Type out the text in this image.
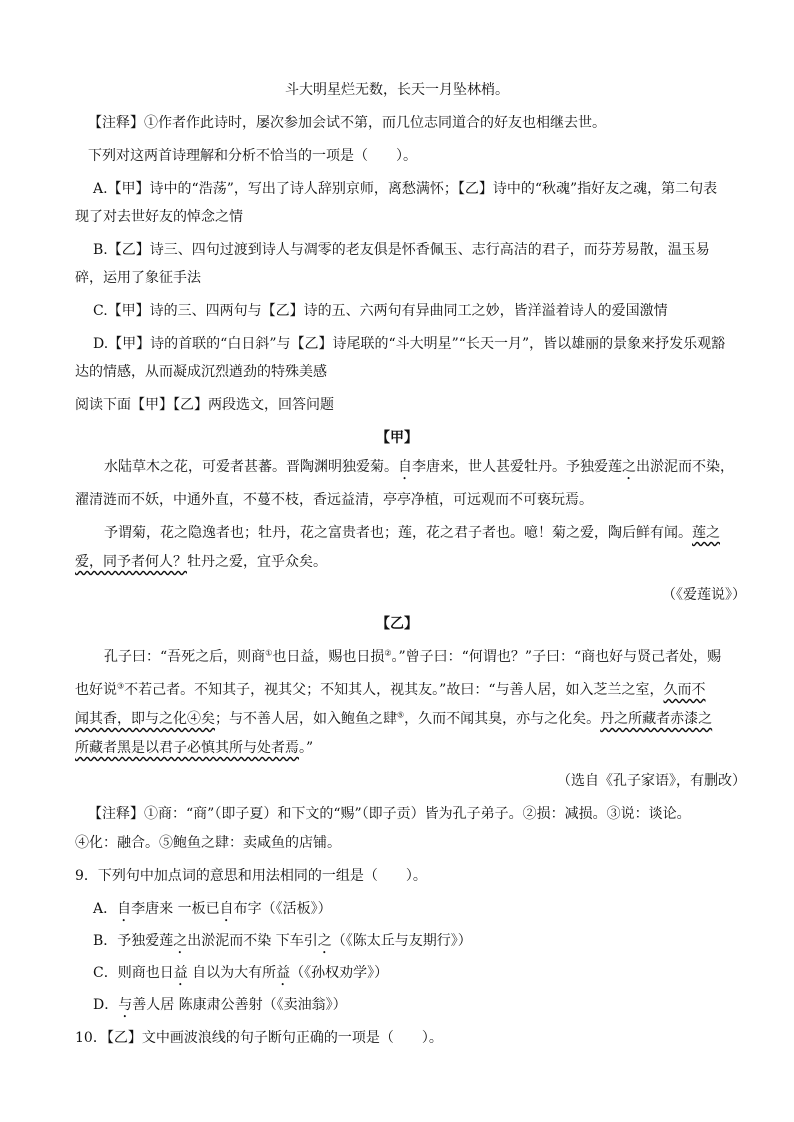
斗大明星烂无数，长天一月坠林梢。
【注释】①作者作此诗时，屡次参加会试不第，而几位志同道合的好友也相继去世。
下列对这两首诗理解和分析不恰当的一项是（　　）。
A.【甲】诗中的“浩荡”，写出了诗人辞别京师，离愁满怀；【乙】诗中的“秋魂”指好友之魂，第二句表
现了对去世好友的悼念之情
B.【乙】诗三、四句过渡到诗人与凋零的老友俱是怀香佩玉、志行高洁的君子，而芬芳易散，温玉易
碎，运用了象征手法
C.【甲】诗的三、四两句与【乙】诗的五、六两句有异曲同工之妙，皆洋溢着诗人的爱国激情
D.【甲】诗的首联的“白日斜”与【乙】诗尾联的“斗大明星”“长天一月”，皆以雄丽的景象来抒发乐观豁
达的情感，从而凝成沉烈遒劲的特殊美感
阅读下面【甲】【乙】两段选文，回答问题
【甲】
水陆草木之花，可爱者甚蕃。晋陶渊明独爱菊。自李唐来，世人甚爱牡丹。予独爱莲之出淤泥而不染，
濯清涟而不妖，中通外直，不蔓不枝，香远益清，亭亭净植，可远观而不可亵玩焉。
予谓菊，花之隐逸者也；牡丹，花之富贵者也；莲，花之君子者也。噫！菊之爱，陶后鲜有闻。莲之
爱，同予者何人？牡丹之爱，宜乎众矣。
（《爱莲说》）
【乙】
孔子曰：“吾死之后，则商①也日益，赐也日损②。”曾子曰：“何谓也？”子曰：“商也好与贤己者处，赐
也好说③不若己者。不知其子，视其父；不知其人，视其友。”故曰：“与善人居，如入芝兰之室，久而不
闻其香，即与之化④矣；与不善人居，如入鲍鱼之肆⑤，久而不闻其臭，亦与之化矣。丹之所藏者赤漆之
所藏者黑是以君子必慎其所与处者焉。”
（选自《孔子家语》，有删改）
【注释】①商：“商”（即子夏）和下文的“赐”（即子贡）皆为孔子弟子。②损：减损。③说：谈论。
④化：融合。⑤鲍鱼之肆：卖咸鱼的店铺。
9．下列句中加点词的意思和用法相同的一组是（　　）。
A．自李唐来 一板已自布字（《活板》）
B．予独爱莲之出淤泥而不染 下车引之（《陈太丘与友期行》）
C．则商也日益 自以为大有所益（《孙权劝学》）
D．与善人居 陈康肃公善射（《卖油翁》）
10．【乙】文中画波浪线的句子断句正确的一项是（　　）。
